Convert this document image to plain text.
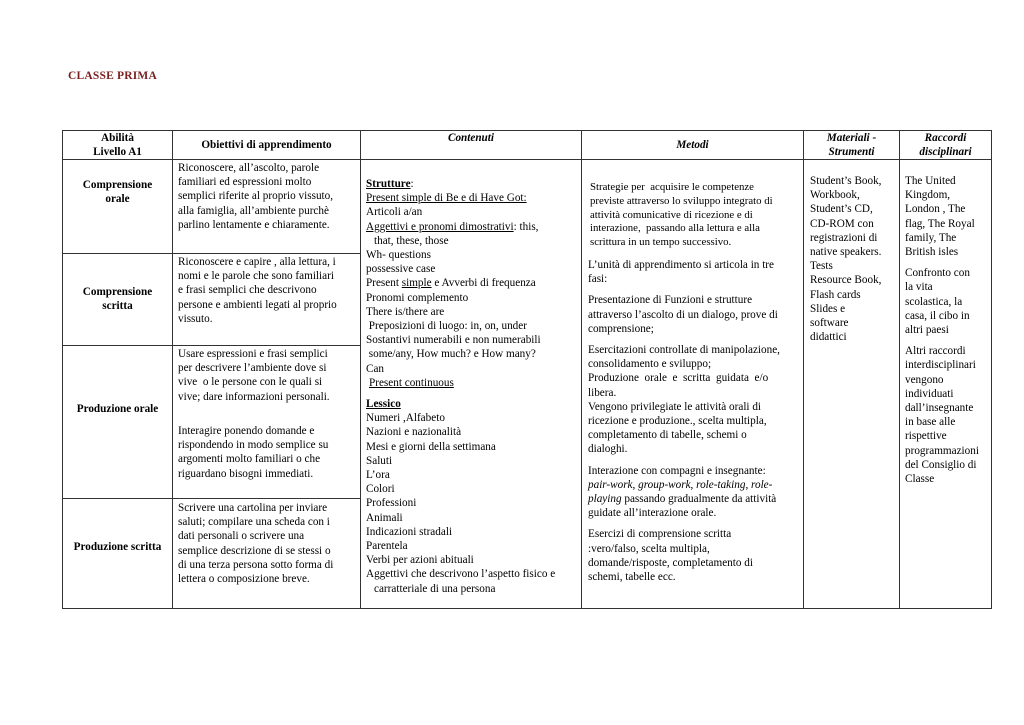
CLASSE PRIMA
Abilità
Livello A1
Obiettivi di apprendimento
Contenuti
Metodi
Materiali -
Strumenti
Raccordi
disciplinari
Comprensione
orale
Comprensione
scritta
Produzione orale
Produzione scritta
Riconoscere, all’ascolto, parole
familiari ed espressioni molto
semplici riferite al proprio vissuto,
alla famiglia, all’ambiente purchè
parlino lentamente e chiaramente.
Riconoscere e capire , alla lettura, i
nomi e le parole che sono familiari
e frasi semplici che descrivono
persone e ambienti legati al proprio
vissuto.
Usare espressioni e frasi semplici
per descrivere l’ambiente dove si
vive  o le persone con le quali si
vive; dare informazioni personali.
Interagire ponendo domande e
rispondendo in modo semplice su
argomenti molto familiari o che
riguardano bisogni immediati.
Scrivere una cartolina per inviare
saluti; compilare una scheda con i
dati personali o scrivere una
semplice descrizione di se stessi o
di una terza persona sotto forma di
lettera o composizione breve.
Strutture:
Present simple di Be e di Have Got:
Articoli a/an
Aggettivi e pronomi dimostrativi: this,
that, these, those
Wh- questions
possessive case
Present simple e Avverbi di frequenza
Pronomi complemento
There is/there are
Preposizioni di luogo: in, on, under
Sostantivi numerabili e non numerabili
some/any, How much? e How many?
Can
Present continuous
Lessico
Numeri ,Alfabeto
Nazioni e nazionalità
Mesi e giorni della settimana
Saluti
L’ora
Colori
Professioni
Animali
Indicazioni stradali
Parentela
Verbi per azioni abituali
Aggettivi che descrivono l’aspetto fisico e
carratteriale di una persona
Strategie per  acquisire le competenze
previste attraverso lo sviluppo integrato di
attività comunicative di ricezione e di
interazione,  passando alla lettura e alla
scrittura in un tempo successivo.
L’unità di apprendimento si articola in tre
fasi:
Presentazione di Funzioni e strutture
attraverso l’ascolto di un dialogo, prove di
comprensione;
Esercitazioni controllate di manipolazione,
consolidamento e sviluppo;
Produzione  orale  e  scritta  guidata  e/o
libera.
Vengono privilegiate le attività orali di
ricezione e produzione., scelta multipla,
completamento di tabelle, schemi o
dialoghi.
Interazione con compagni e insegnante:
pair-work, group-work, role-taking, role-
playing passando gradualmente da attività
guidate all’interazione orale.
Esercizi di comprensione scritta
:vero/falso, scelta multipla,
domande/risposte, completamento di
schemi, tabelle ecc.
Student’s Book,
Workbook,
Student’s CD,
CD-ROM con
registrazioni di
native speakers.
Tests
Resource Book,
Flash cards
Slides e
software
didattici
The United
Kingdom,
London , The
flag, The Royal
family, The
British isles
Confronto con
la vita
scolastica, la
casa, il cibo in
altri paesi
Altri raccordi
interdisciplinari
vengono
individuati
dall’insegnante
in base alle
rispettive
programmazioni
del Consiglio di
Classe
